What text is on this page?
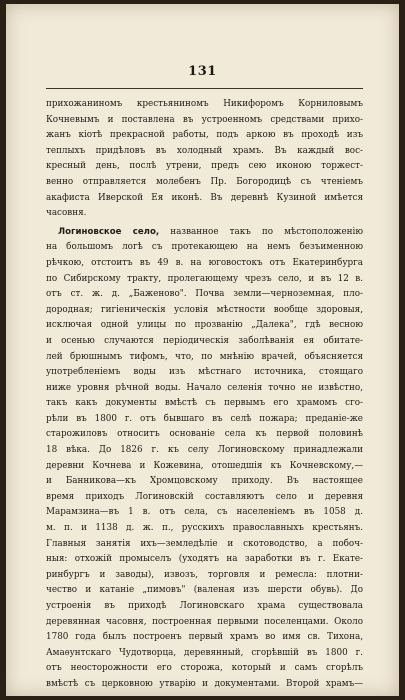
131
прихожаниномъ крестьяниномъ Никифоромъ Корниловымъ
Кочневымъ и поставлена въ устроенномъ средствами прихо-
жанъ кіотѣ прекрасной работы, подъ аркою въ проходѣ изъ
теплыхъ придѣловъ въ холодный храмъ. Въ каждый вос-
кресный день, послѣ утрени, предъ сею иконою торжест-
венно отправляется молебенъ Пр. Богородицѣ съ чтеніемъ
акафиста Иверской Ея иконѣ. Въ деревнѣ Кузиной имѣется
часовня.
Логиновское село, названное такъ по мѣстоположенію
на большомъ логѣ съ протекающею на немъ безъименною
рѣчкою, отстоитъ въ 49 в. на юговостокъ отъ Екатеринбурга
по Сибирскому тракту, пролегающему чрезъ село, и въ 12 в.
отъ ст. ж. д. „Баженово". Почва земли—черноземная, пло-
дородная; гигіеническія условія мѣстности вообще здоровыя,
исключая одной улицы по прозванію „Далека", гдѣ весною
и осенью случаются періодическія заболѣванія ея обитате-
лей брюшнымъ тифомъ, что, по мнѣнію врачей, объясняется
употребленіемъ воды изъ мѣстнаго источника, стоящаго
ниже уровня рѣчной воды. Начало селенія точно не извѣстно,
такъ какъ документы вмѣстѣ съ первымъ его храмомъ сго-
рѣли въ 1800 г. отъ бывшаго въ селѣ пожара; преданіе-же
старожиловъ относитъ основаніе села къ первой половинѣ
18 вѣка. До 1826 г. къ селу Логиновскому принадлежали
деревни Кочнева и Кожевина, отошедшія къ Кочневскому,—
и Банникова—къ Хромцовскому приходу. Въ настоящее
время приходъ Логиновскій составляютъ село и деревня
Марамзина—въ 1 в. отъ села, съ населеніемъ въ 1058 д.
м. п. и 1138 д. ж. п., русскихъ православныхъ крестьянъ.
Главныя занятія ихъ—земледѣліе и скотоводство, а побоч-
ныя: отхожій промыселъ (уходятъ на заработки въ г. Екате-
ринбургъ и заводы), извозъ, торговля и ремесла: плотни-
чество и катаніе „пимовъ" (валеная изъ шерсти обувь). До
устроенія въ приходѣ Логиновскаго храма существовала
деревянная часовня, построенная первыми поселенцами. Около
1780 года былъ построенъ первый храмъ во имя св. Тихона,
Амаѳунтскаго Чудотворца, деревянный, сгорѣвшій въ 1800 г.
отъ неосторожности его сторожа, который и самъ сгорѣлъ
вмѣстѣ съ церковною утварію и документами. Второй храмъ—
